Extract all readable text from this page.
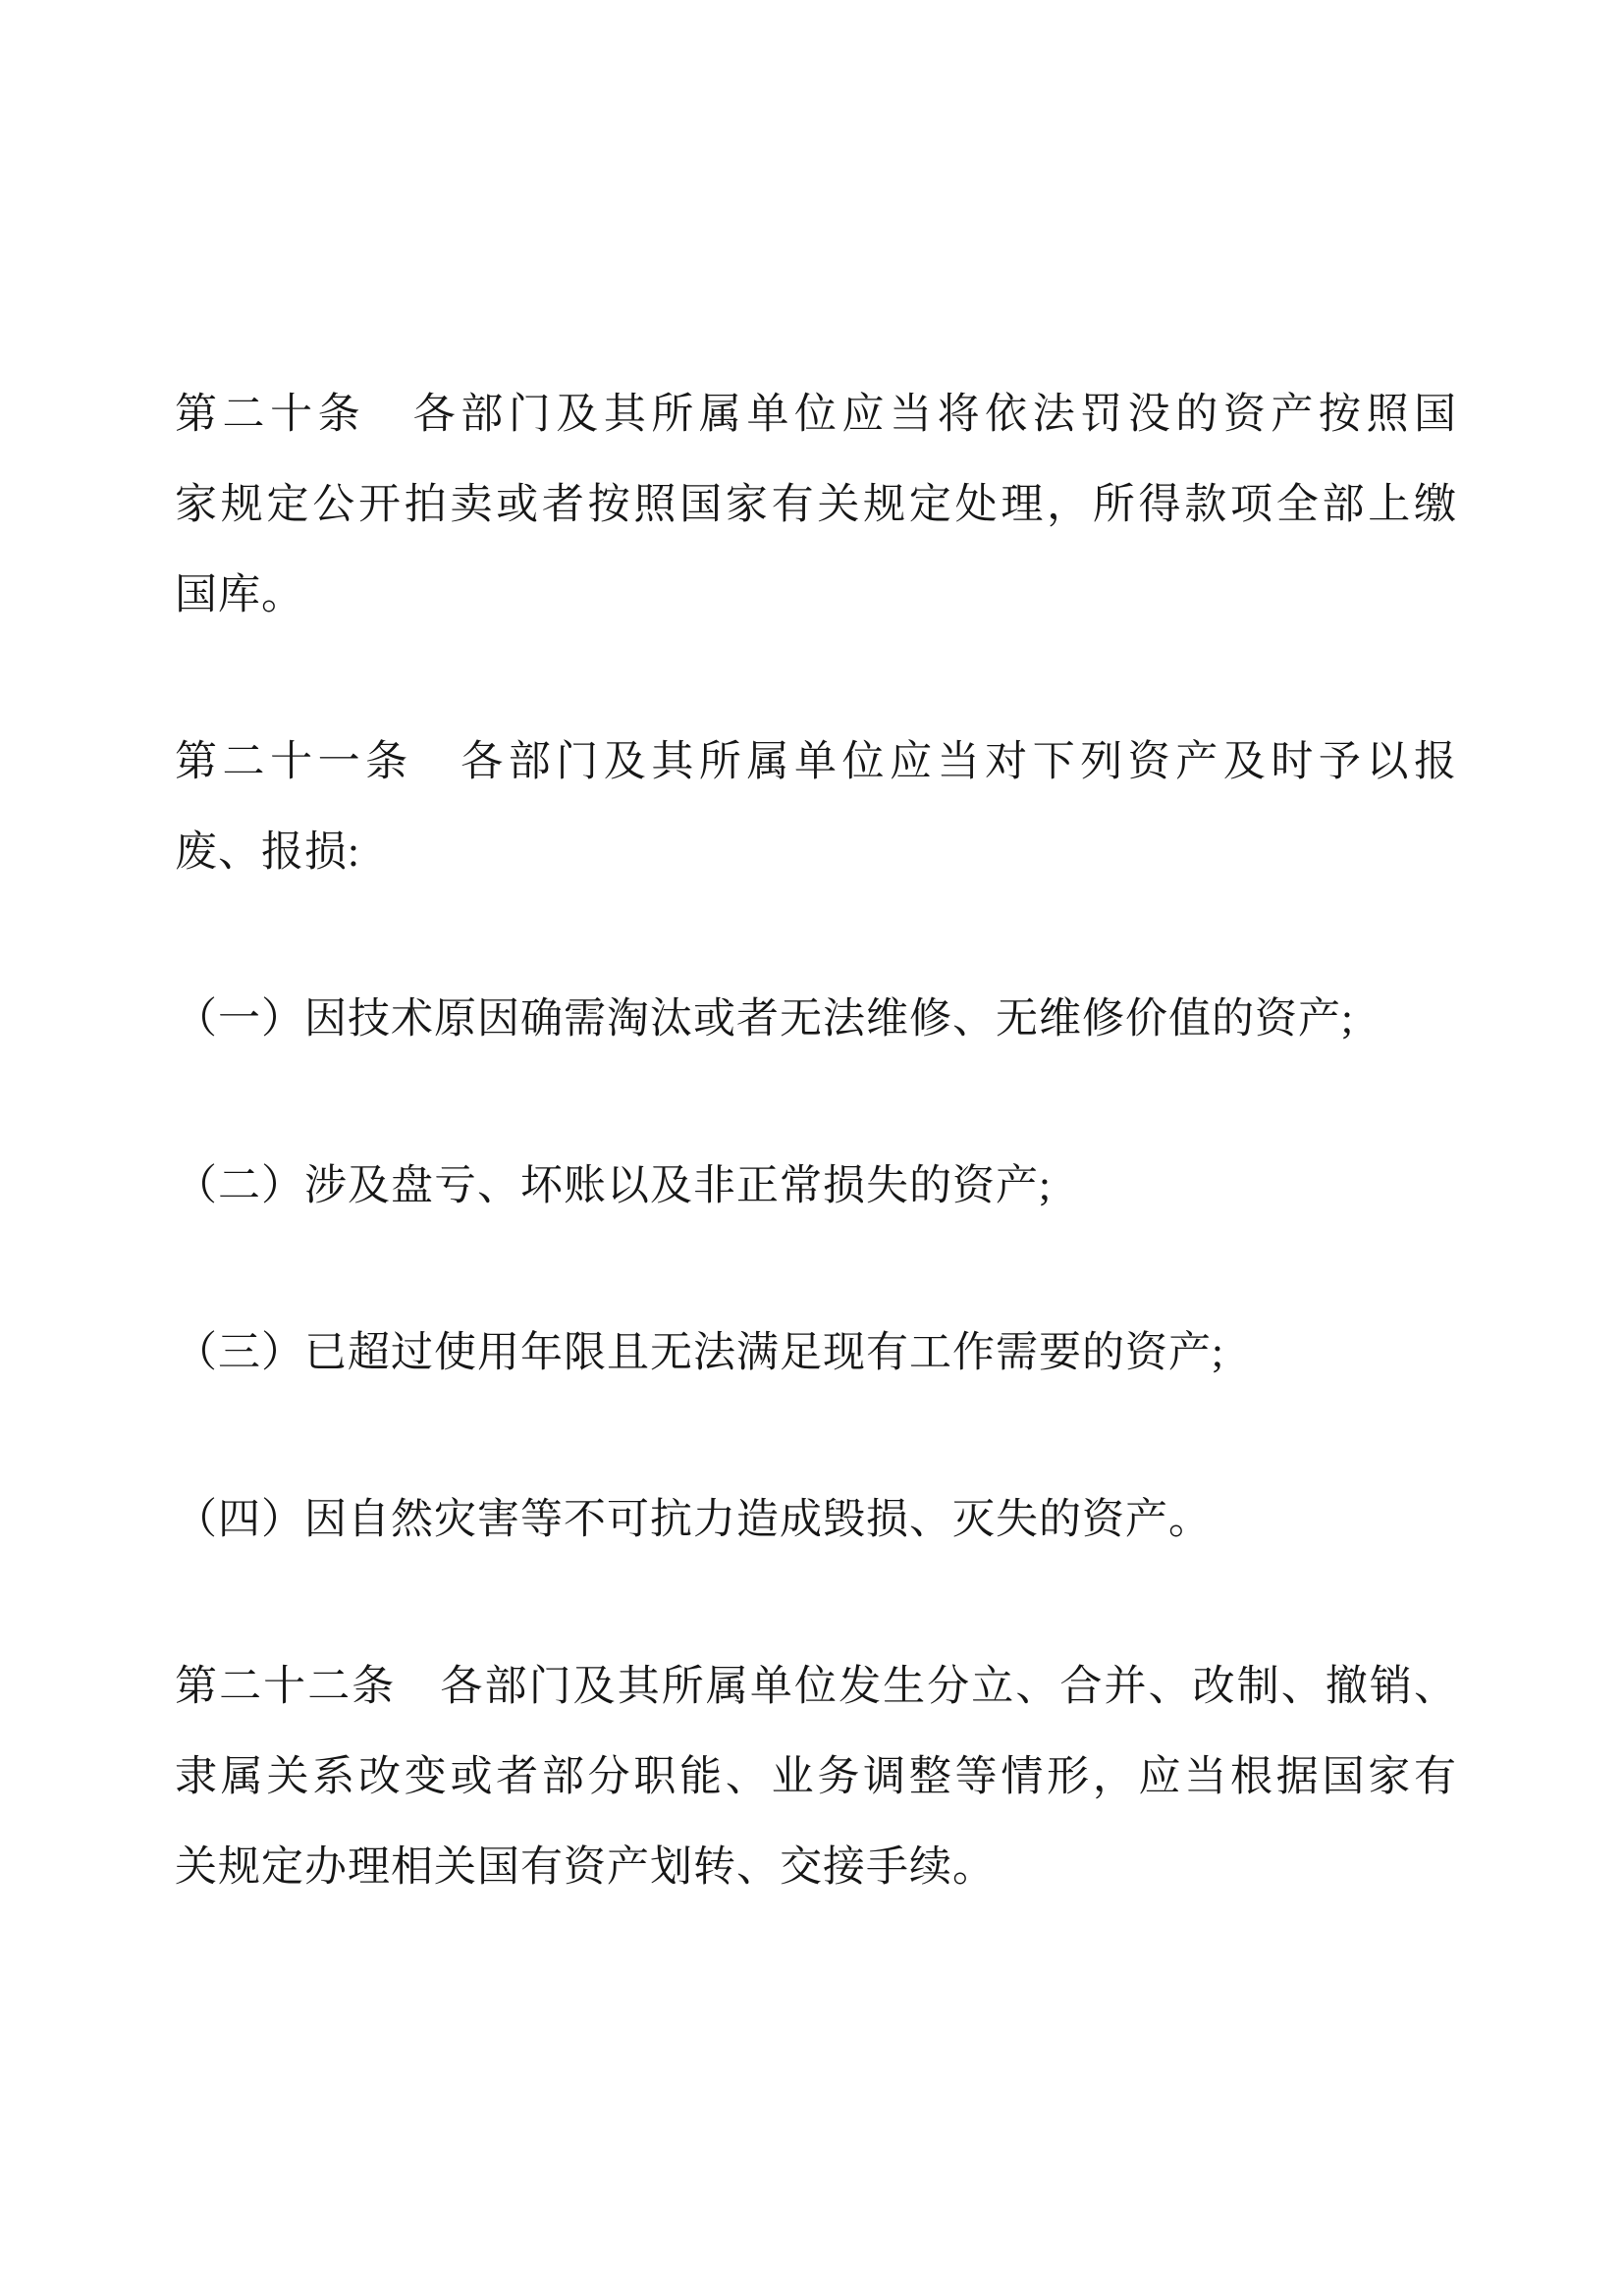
第二十条　各部门及其所属单位应当将依法罚没的资产按照国
家规定公开拍卖或者按照国家有关规定处理，所得款项全部上缴
国库。
第二十一条　各部门及其所属单位应当对下列资产及时予以报
废、报损:
（一）因技术原因确需淘汰或者无法维修、无维修价值的资产;
（二）涉及盘亏、坏账以及非正常损失的资产;
（三）已超过使用年限且无法满足现有工作需要的资产;
（四）因自然灾害等不可抗力造成毁损、灭失的资产。
第二十二条　各部门及其所属单位发生分立、合并、改制、撤销、
隶属关系改变或者部分职能、业务调整等情形，应当根据国家有
关规定办理相关国有资产划转、交接手续。
